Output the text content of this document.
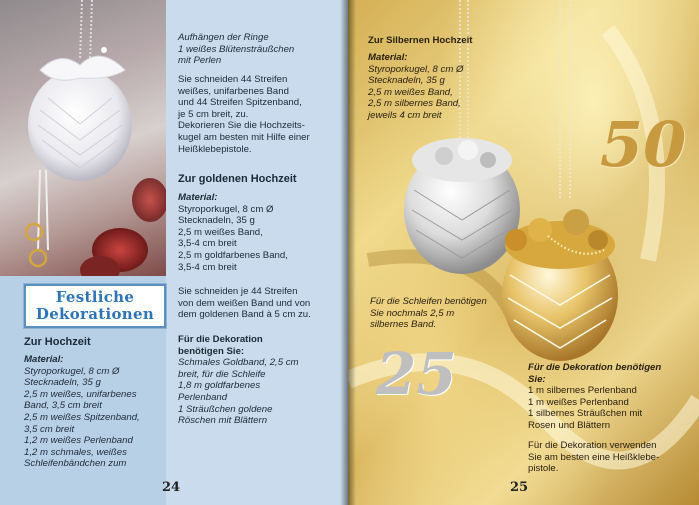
Festliche
Dekorationen
Aufhängen der Ringe
1 weißes Blütensträußchen
mit Perlen
Sie schneiden 44 Streifen
weißes, unifarbenes Band
und 44 Streifen Spitzenband,
je 5 cm breit, zu.
Dekorieren Sie die Hochzeits-
kugel am besten mit Hilfe einer
Heißklebepistole.
Zur goldenen Hochzeit
Material:
Styroporkugel, 8 cm Ø
Stecknadeln, 35 g
2,5 m weißes Band,
3,5-4 cm breit
2,5 m goldfarbenes Band,
3,5-4 cm breit
Sie schneiden je 44 Streifen
von dem weißen Band und von
dem goldenen Band à 5 cm zu.
Für die Dekoration
benötigen Sie:
Schmales Goldband, 2,5 cm
breit, für die Schleife
1,8 m goldfarbenes
Perlenband
1 Sträußchen goldene
Röschen mit Blättern
Zur Hochzeit
Material:
Styroporkugel, 8 cm Ø
Stecknadeln, 35 g
2,5 m weißes, unifarbenes
Band, 3,5 cm breit
2,5 m weißes Spitzenband,
3,5 cm breit
1,2 m weißes Perlenband
1,2 m schmales, weißes
Schleifenbändchen zum
24
50
25
Zur Silbernen Hochzeit
Material:
Styroporkugel, 8 cm Ø
Stecknadeln, 35 g
2,5 m weißes Band,
2,5 m silbernes Band,
jeweils 4 cm breit
Für die Schleifen benötigen
Sie nochmals 2,5 m
silbernes Band.
Für die Dekoration benötigen
Sie:
1 m silbernes Perlenband
1 m weißes Perlenband
1 silbernes Sträußchen mit
Rosen und Blättern
Für die Dekoration verwenden
Sie am besten eine Heißklebe-
pistole.
25
